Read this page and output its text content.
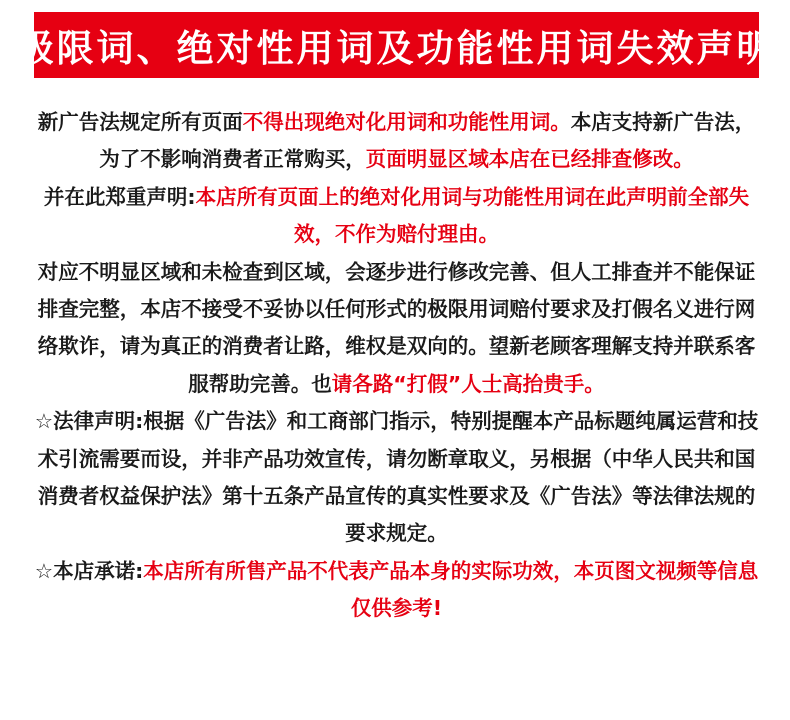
极限词、绝对性用词及功能性用词失效声明

新广告法规定所有页面不得出现绝对化用词和功能性用词。本店支持新广告法，为了不影响消费者正常购买，页面明显区域本店在已经排查修改。

并在此郑重声明:本店所有页面上的绝对化用词与功能性用词在此声明前全部失效，不作为赔付理由。

对应不明显区域和未检查到区域，会逐步进行修改完善、但人工排查并不能保证排查完整，本店不接受不妥协以任何形式的极限用词赔付要求及打假名义进行网络欺诈，请为真正的消费者让路，维权是双向的。望新老顾客理解支持并联系客服帮助完善。也请各路“打假”人士高抬贵手。

☆法律声明:根据《广告法》和工商部门指示，特别提醒本产品标题纯属运营和技术引流需要而设，并非产品功效宣传，请勿断章取义，另根据（中华人民共和国消费者权益保护法》第十五条产品宣传的真实性要求及《广告法》等法律法规的要求规定。

☆本店承诺:本店所有所售产品不代表产品本身的实际功效，本页图文视频等信息仅供参考!
